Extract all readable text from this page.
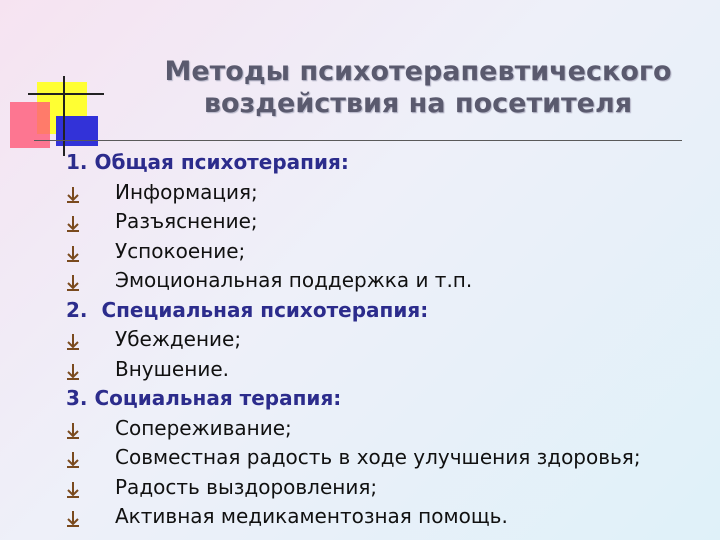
Методы психотерапевтического
воздействия на посетителя
1. Общая психотерапия:
Информация;
Разъяснение;
Успокоение;
Эмоциональная поддержка и т.п.
2.  Специальная психотерапия:
Убеждение;
Внушение.
3. Социальная терапия:
Сопереживание;
Совместная радость в ходе улучшения здоровья;
Радость выздоровления;
Активная медикаментозная помощь.
